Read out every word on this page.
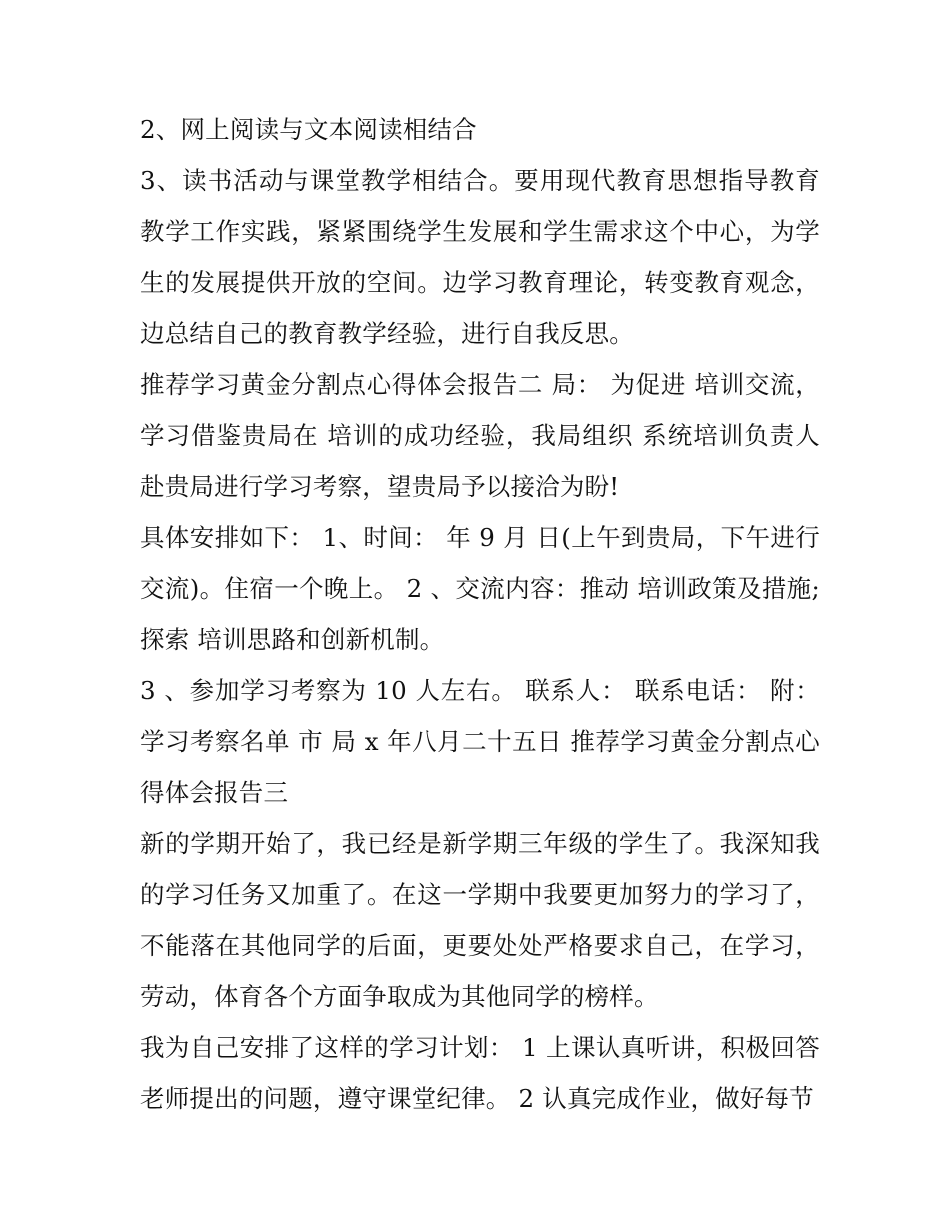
2、网上阅读与文本阅读相结合

3、读书活动与课堂教学相结合。要用现代教育思想指导教育教学工作实践，紧紧围绕学生发展和学生需求这个中心，为学生的发展提供开放的空间。边学习教育理论，转变教育观念，边总结自己的教育教学经验，进行自我反思。

推荐学习黄金分割点心得体会报告二 局： 为促进 培训交流，学习借鉴贵局在 培训的成功经验，我局组织 系统培训负责人赴贵局进行学习考察，望贵局予以接洽为盼!

具体安排如下： 1、时间： 年 9 月 日(上午到贵局，下午进行交流)。住宿一个晚上。 2 、交流内容：推动 培训政策及措施;探索 培训思路和创新机制。

3 、参加学习考察为 10 人左右。 联系人： 联系电话： 附：学习考察名单 市 局 x 年八月二十五日 推荐学习黄金分割点心得体会报告三

新的学期开始了，我已经是新学期三年级的学生了。我深知我的学习任务又加重了。在这一学期中我要更加努力的学习了，不能落在其他同学的后面，更要处处严格要求自己，在学习，劳动，体育各个方面争取成为其他同学的榜样。

我为自己安排了这样的学习计划： 1 上课认真听讲，积极回答老师提出的问题，遵守课堂纪律。 2 认真完成作业，做好每节
